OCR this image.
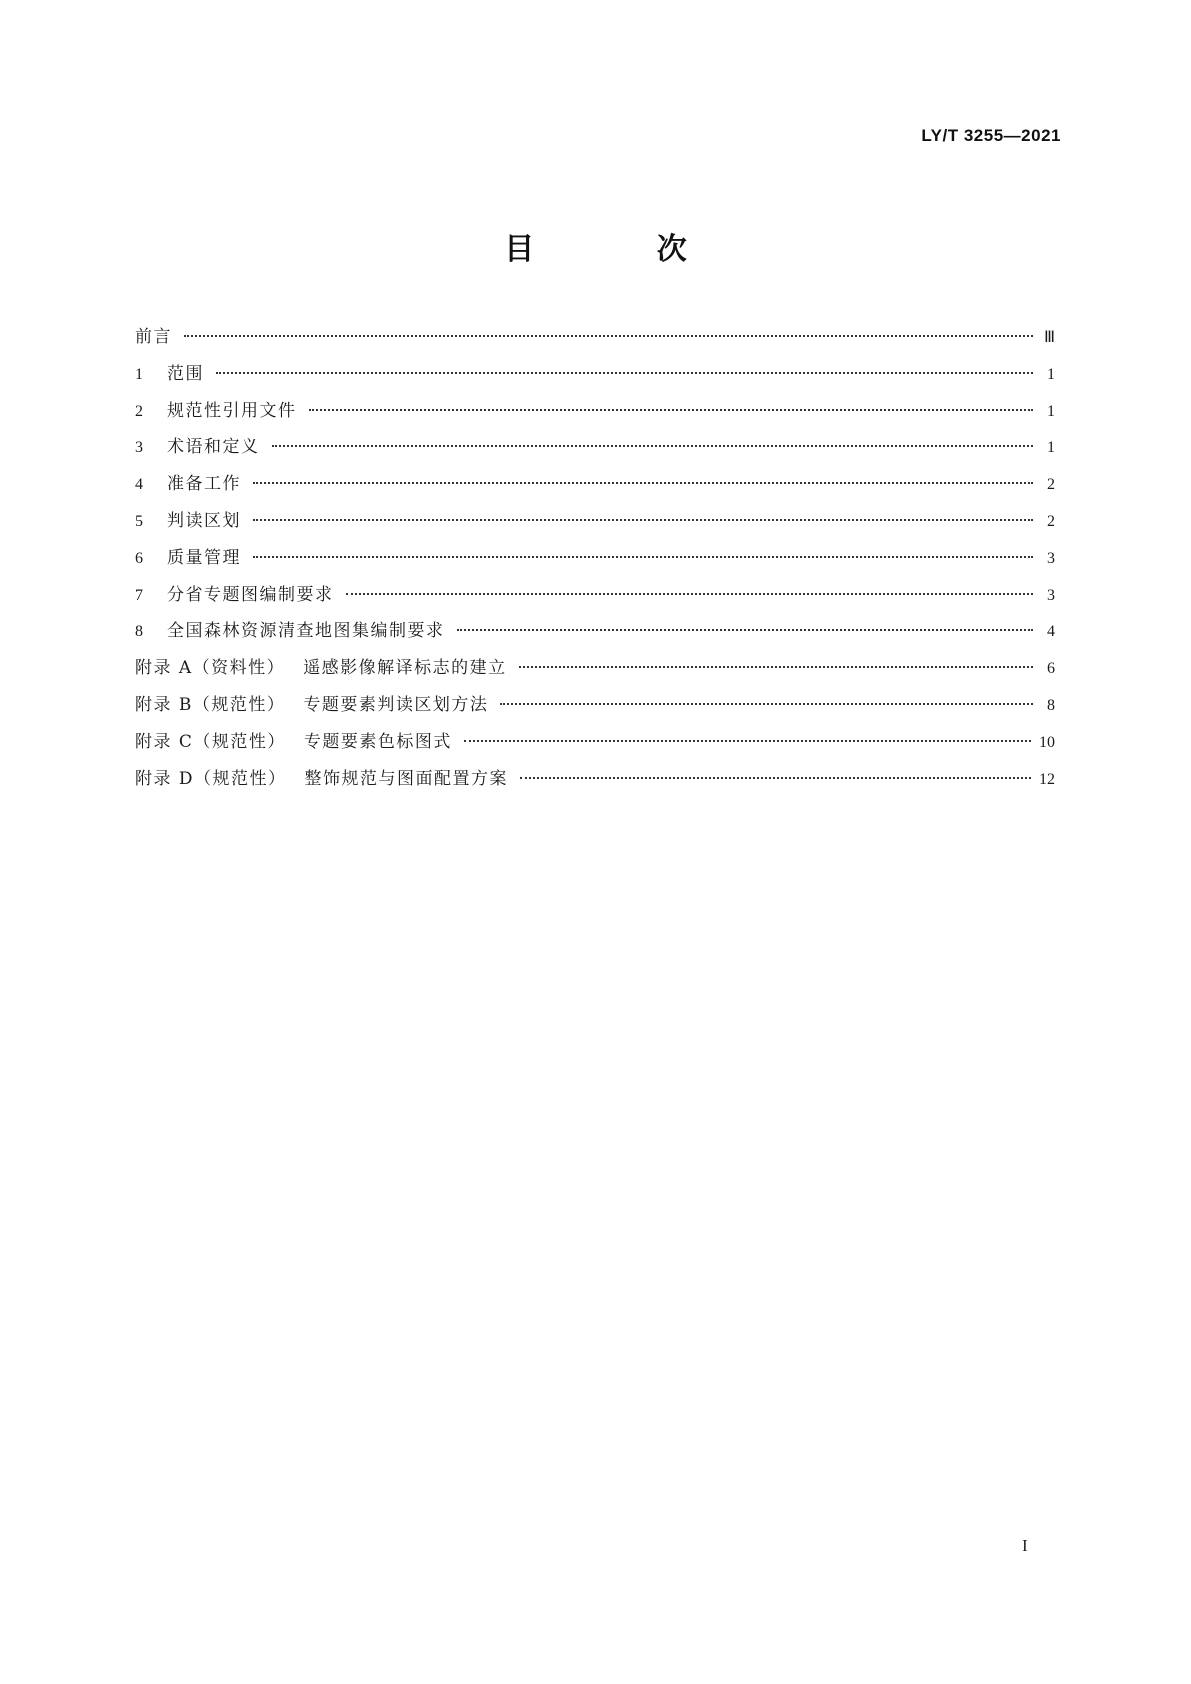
LY/T 3255—2021
目 次
前言	Ⅲ
1	范围	1
2	规范性引用文件	1
3	术语和定义	1
4	准备工作	2
5	判读区划	2
6	质量管理	3
7	分省专题图编制要求	3
8	全国森林资源清查地图集编制要求	4
附录 A（资料性） 遥感影像解译标志的建立	6
附录 B（规范性） 专题要素判读区划方法	8
附录 C（规范性） 专题要素色标图式	10
附录 D（规范性） 整饰规范与图面配置方案	12
I
